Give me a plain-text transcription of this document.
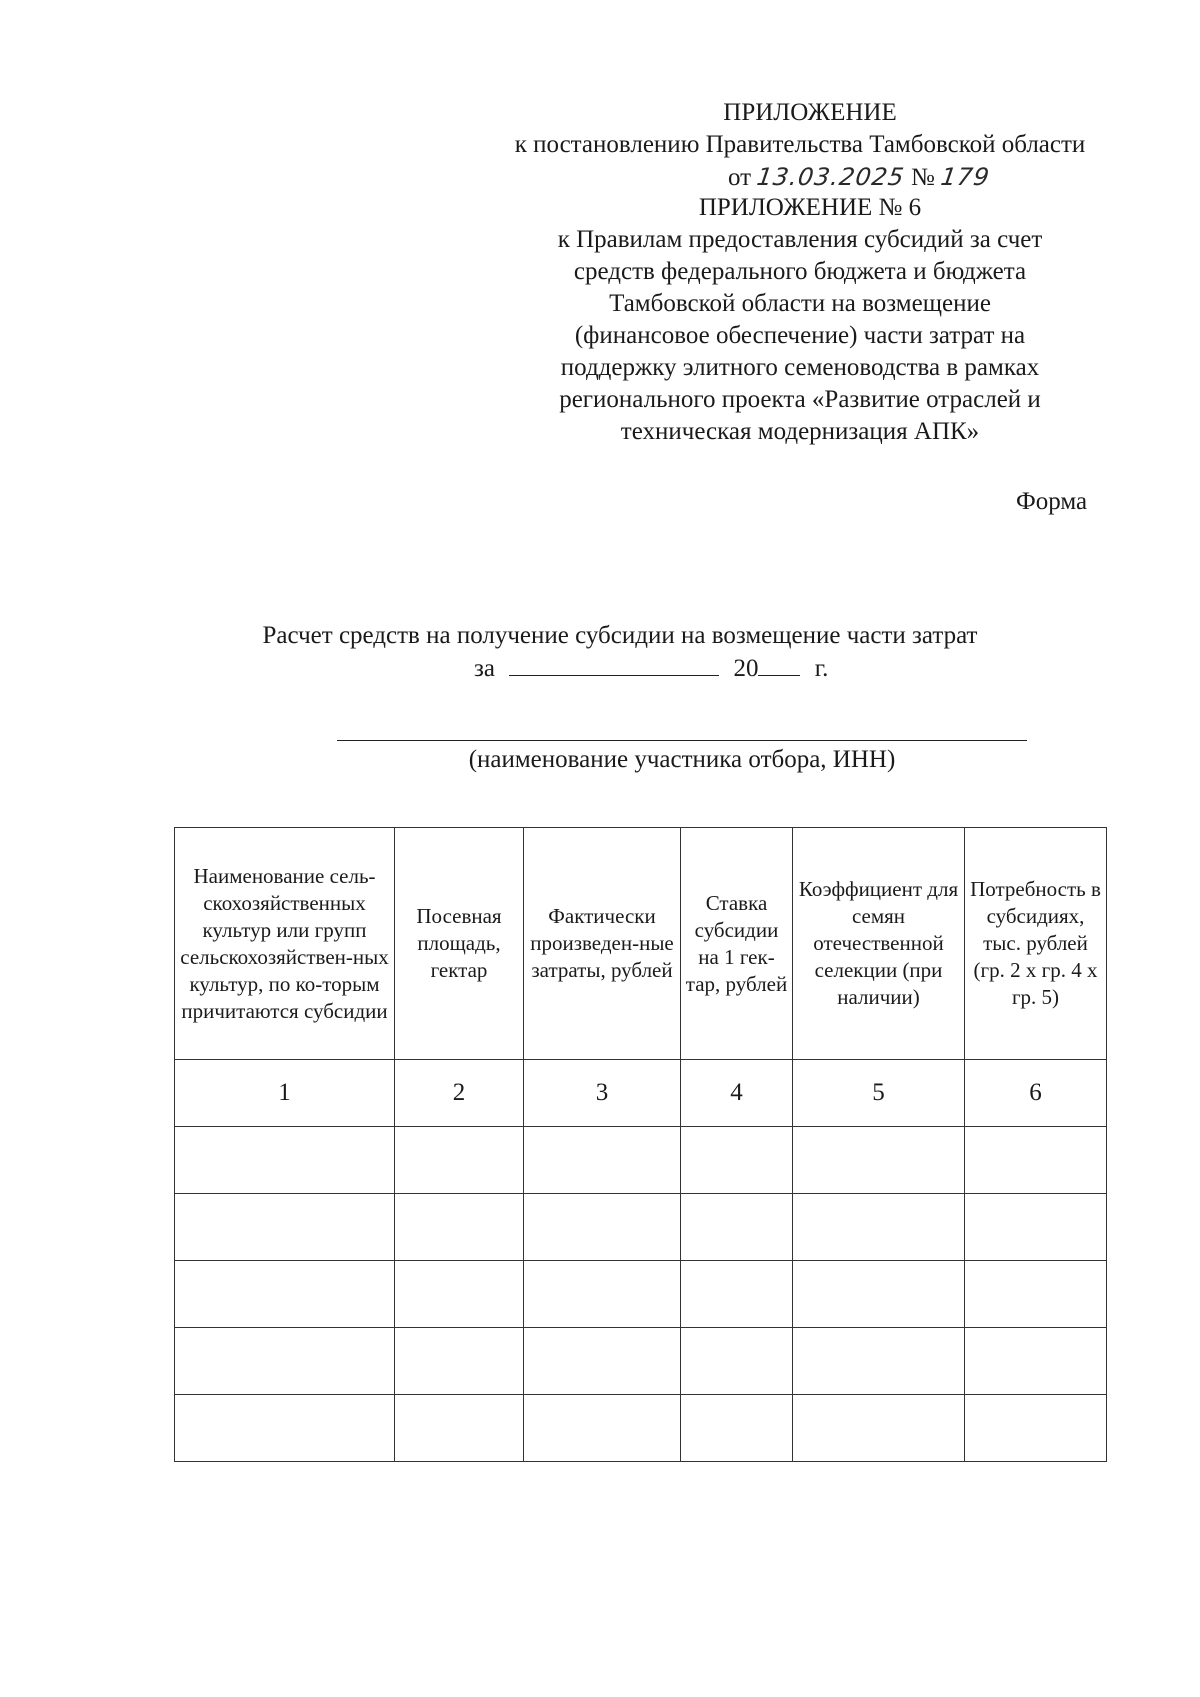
ПРИЛОЖЕНИЕ
к постановлению Правительства Тамбовской области
от 13.03.2025 № 179
ПРИЛОЖЕНИЕ № 6
к Правилам предоставления субсидий за счет
средств федерального бюджета и бюджета
Тамбовской области на возмещение
(финансовое обеспечение) части затрат на
поддержку элитного семеноводства в рамках
регионального проекта «Развитие отраслей и
техническая модернизация АПК»
Форма
Расчет средств на получение субсидии на возмещение части затрат
за	20 г.
(наименование участника отбора, ИНН)
Наименование сель-скохозяйственных культур или групп сельскохозяйствен-ных культур, по ко-торым причитаются субсидии	Посевная площадь, гектар	Фактически произведен-ные затраты, рублей	Ставка субсидии на 1 гек-тар, рублей	Коэффициент для семян отечественной селекции (при наличии)	Потребность в субсидиях, тыс. рублей (гр. 2 x гр. 4 x гр. 5)
1	2	3	4	5	6
